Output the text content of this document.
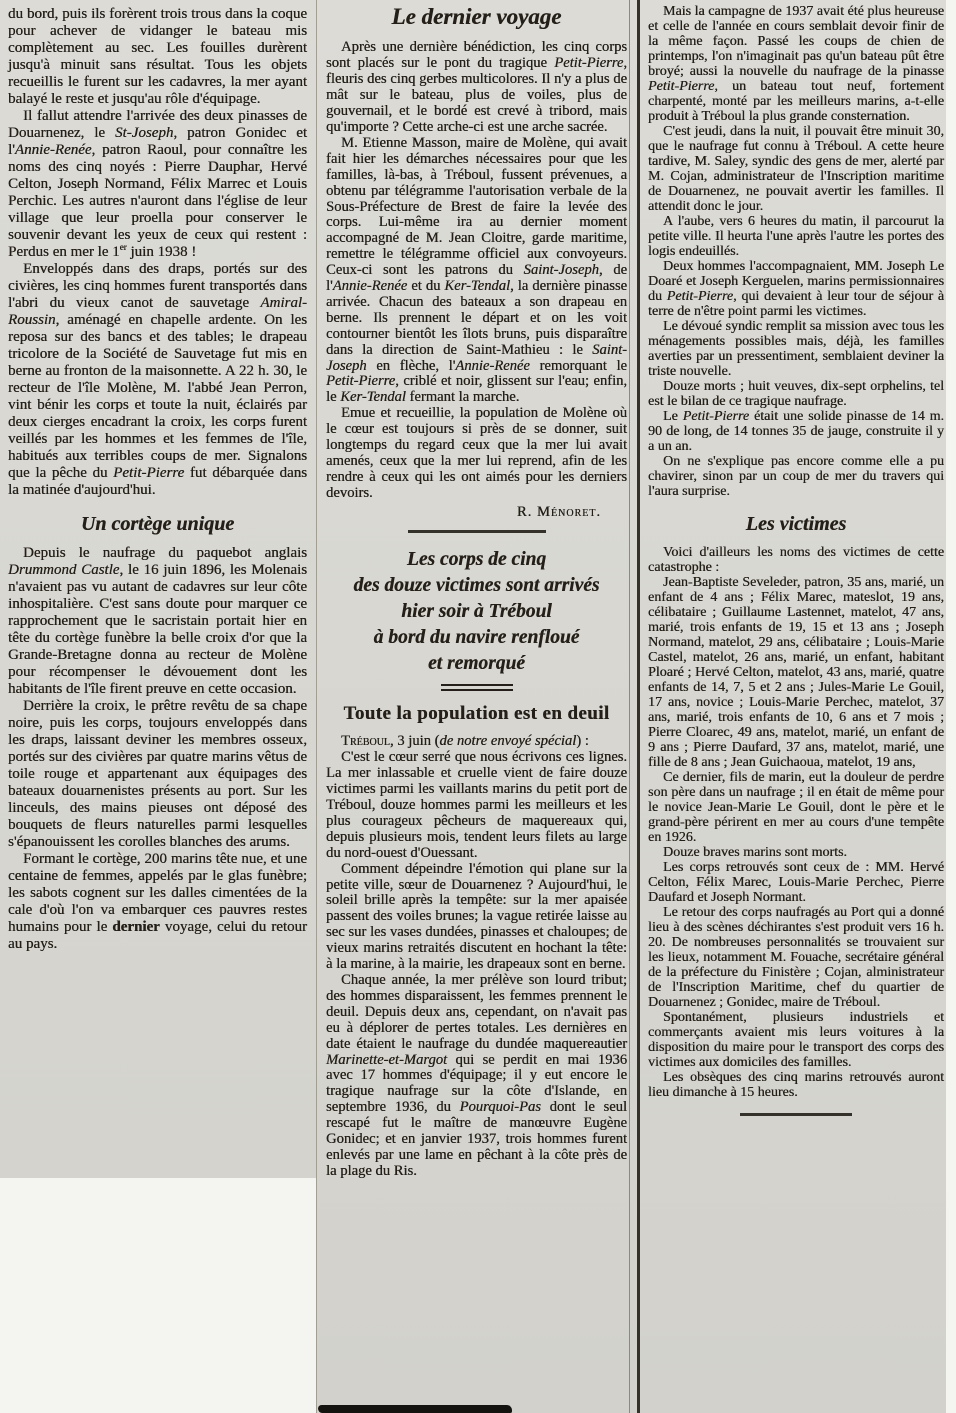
du bord, puis ils forèrent trois trous dans la coque pour achever de vidanger le bateau mis complètement au sec. Les fouilles durèrent jusqu'à minuit sans résultat. Tous les objets recueillis le furent sur les cadavres, la mer ayant balayé le reste et jusqu'au rôle d'équipage.

Il fallut attendre l'arrivée des deux pinasses de Douarnenez, le St-Joseph, patron Gonidec et l'Annie-Renée, patron Raoul, pour connaître les noms des cinq noyés : Pierre Dauphar, Hervé Celton, Joseph Normand, Félix Marrec et Louis Perchic. Les autres n'auront dans l'église de leur village que leur proella pour conserver le souvenir devant les yeux de ceux qui restent : Perdus en mer le 1er juin 1938 !

Enveloppés dans des draps, portés sur des civières, les cinq hommes furent transportés dans l'abri du vieux canot de sauvetage Amiral-Roussin, aménagé en chapelle ardente. On les reposa sur des bancs et des tables; le drapeau tricolore de la Société de Sauvetage fut mis en berne au fronton de la maisonnette. A 22 h. 30, le recteur de l'île Molène, M. l'abbé Jean Perron, vint bénir les corps et toute la nuit, éclairés par deux cierges encadrant la croix, les corps furent veillés par les hommes et les femmes de l'île, habitués aux terribles coups de mer. Signalons que la pêche du Petit-Pierre fut débarquée dans la matinée d'aujourd'hui.

Un cortège unique

Depuis le naufrage du paquebot anglais Drummond Castle, le 16 juin 1896, les Molenais n'avaient pas vu autant de cadavres sur leur côte inhospitalière. C'est sans doute pour marquer ce rapprochement que le sacristain portait hier en tête du cortège funèbre la belle croix d'or que la Grande-Bretagne donna au recteur de Molène pour récompenser le dévouement dont les habitants de l'île firent preuve en cette occasion.

Derrière la croix, le prêtre revêtu de sa chape noire, puis les corps, toujours enveloppés dans les draps, laissant deviner les membres osseux, portés sur des civières par quatre marins vêtus de toile rouge et appartenant aux équipages des bateaux douarnenistes présents au port. Sur les linceuls, des mains pieuses ont déposé des bouquets de fleurs naturelles parmi lesquelles s'épanouissent les corolles blanches des arums.

Formant le cortège, 200 marins tête nue, et une centaine de femmes, appelés par le glas funèbre; les sabots cognent sur les dalles cimentées de la cale d'où l'on va embarquer ces pauvres restes humains pour le dernier voyage, celui du retour au pays.

Le dernier voyage

Après une dernière bénédiction, les cinq corps sont placés sur le pont du tragique Petit-Pierre, fleuris des cinq gerbes multicolores. Il n'y a plus de mât sur le bateau, plus de voiles, plus de gouvernail, et le bordé est crevé à tribord, mais qu'importe ? Cette arche-ci est une arche sacrée.

M. Etienne Masson, maire de Molène, qui avait fait hier les démarches nécessaires pour que les familles, là-bas, à Tréboul, fussent prévenues, a obtenu par télégramme l'autorisation verbale de la Sous-Préfecture de Brest de faire la levée des corps. Lui-même ira au dernier moment accompagné de M. Jean Cloitre, garde maritime, remettre le télégramme officiel aux convoyeurs. Ceux-ci sont les patrons du Saint-Joseph, de l'Annie-Renée et du Ker-Tendal, la dernière pinasse arrivée. Chacun des bateaux a son drapeau en berne. Ils prennent le départ et on les voit contourner bientôt les îlots bruns, puis disparaître dans la direction de Saint-Mathieu : le Saint-Joseph en flèche, l'Annie-Renée remorquant le Petit-Pierre, criblé et noir, glissent sur l'eau; enfin, le Ker-Tendal fermant la marche.

Emue et recueillie, la population de Molène où le cœur est toujours si près de se donner, suit longtemps du regard ceux que la mer lui avait amenés, ceux que la mer lui reprend, afin de les rendre à ceux qui les ont aimés pour les derniers devoirs.

R. Ménoret.
Les corps de cinq
des douze victimes sont arrivés
hier soir à Tréboul
à bord du navire renfloué
et remorqué
Toute la population est en deuil

Tréboul, 3 juin (de notre envoyé spécial) :

C'est le cœur serré que nous écrivons ces lignes. La mer inlassable et cruelle vient de faire douze victimes parmi les vaillants marins du petit port de Tréboul, douze hommes parmi les meilleurs et les plus courageux pêcheurs de maquereaux qui, depuis plusieurs mois, tendent leurs filets au large du nord-ouest d'Ouessant.

Comment dépeindre l'émotion qui plane sur la petite ville, sœur de Douarnenez ? Aujourd'hui, le soleil brille après la tempête: sur la mer apaisée passent des voiles brunes; la vague retirée laisse au sec sur les vases dundées, pinasses et chaloupes; de vieux marins retraités discutent en hochant la tête: à la marine, à la mairie, les drapeaux sont en berne.

Chaque année, la mer prélève son lourd tribut; des hommes disparaissent, les femmes prennent le deuil. Depuis deux ans, cependant, on n'avait pas eu à déplorer de pertes totales. Les dernières en date étaient le naufrage du dundée maquereautier Marinette-et-Margot qui se perdit en mai 1936 avec 17 hommes d'équipage; il y eut encore le tragique naufrage sur la côte d'Islande, en septembre 1936, du Pourquoi-Pas dont le seul rescapé fut le maître de manœuvre Eugène Gonidec; et en janvier 1937, trois hommes furent enlevés par une lame en pêchant à la côte près de la plage du Ris.

Mais la campagne de 1937 avait été plus heureuse et celle de l'année en cours semblait devoir finir de la même façon. Passé les coups de chien de printemps, l'on n'imaginait pas qu'un bateau pût être broyé; aussi la nouvelle du naufrage de la pinasse Petit-Pierre, un bateau tout neuf, fortement charpenté, monté par les meilleurs marins, a-t-elle produit à Tréboul la plus grande consternation.

C'est jeudi, dans la nuit, il pouvait être minuit 30, que le naufrage fut connu à Tréboul. A cette heure tardive, M. Saley, syndic des gens de mer, alerté par M. Cojan, administrateur de l'Inscription maritime de Douarnenez, ne pouvait avertir les familles. Il attendit donc le jour.

A l'aube, vers 6 heures du matin, il parcourut la petite ville. Il heurta l'une après l'autre les portes des logis endeuillés.

Deux hommes l'accompagnaient, MM. Joseph Le Doaré et Joseph Kerguelen, marins permissionnaires du Petit-Pierre, qui devaient à leur tour de séjour à terre de n'être point parmi les victimes.

Le dévoué syndic remplit sa mission avec tous les ménagements possibles mais, déjà, les familles averties par un pressentiment, semblaient deviner la triste nouvelle.

Douze morts ; huit veuves, dix-sept orphelins, tel est le bilan de ce tragique naufrage.

Le Petit-Pierre était une solide pinasse de 14 m. 90 de long, de 14 tonnes 35 de jauge, construite il y a un an.

On ne s'explique pas encore comme elle a pu chavirer, sinon par un coup de mer du travers qui l'aura surprise.

Les victimes

Voici d'ailleurs les noms des victimes de cette catastrophe :

Jean-Baptiste Seveleder, patron, 35 ans, marié, un enfant de 4 ans ; Félix Marec, mateslot, 19 ans, célibataire ; Guillaume Lastennet, matelot, 47 ans, marié, trois enfants de 19, 15 et 13 ans ; Joseph Normand, matelot, 29 ans, célibataire ; Louis-Marie Castel, matelot, 26 ans, marié, un enfant, habitant Ploaré ; Hervé Celton, matelot, 43 ans, marié, quatre enfants de 14, 7, 5 et 2 ans ; Jules-Marie Le Gouil, 17 ans, novice ; Louis-Marie Perchec, matelot, 37 ans, marié, trois enfants de 10, 6 ans et 7 mois ; Pierre Cloarec, 49 ans, matelot, marié, un enfant de 9 ans ; Pierre Daufard, 37 ans, matelot, marié, une fille de 8 ans ; Jean Guichaoua, matelot, 19 ans,

Ce dernier, fils de marin, eut la douleur de perdre son père dans un naufrage ; il en était de même pour le novice Jean-Marie Le Gouil, dont le père et le grand-père périrent en mer au cours d'une tempête en 1926.

Douze braves marins sont morts.

Les corps retrouvés sont ceux de : MM. Hervé Celton, Félix Marec, Louis-Marie Perchec, Pierre Daufard et Joseph Normant.

Le retour des corps naufragés au Port qui a donné lieu à des scènes déchirantes s'est produit vers 16 h. 20. De nombreuses personnalités se trouvaient sur les lieux, notamment M. Fouache, secrétaire général de la préfecture du Finistère ; Cojan, alministrateur de l'Inscription Maritime, chef du quartier de Douarnenez ; Gonidec, maire de Tréboul.

Spontanément, plusieurs industriels et commerçants avaient mis leurs voitures à la disposition du maire pour le transport des corps des victimes aux domiciles des familles.

Les obsèques des cinq marins retrouvés auront lieu dimanche à 15 heures.
